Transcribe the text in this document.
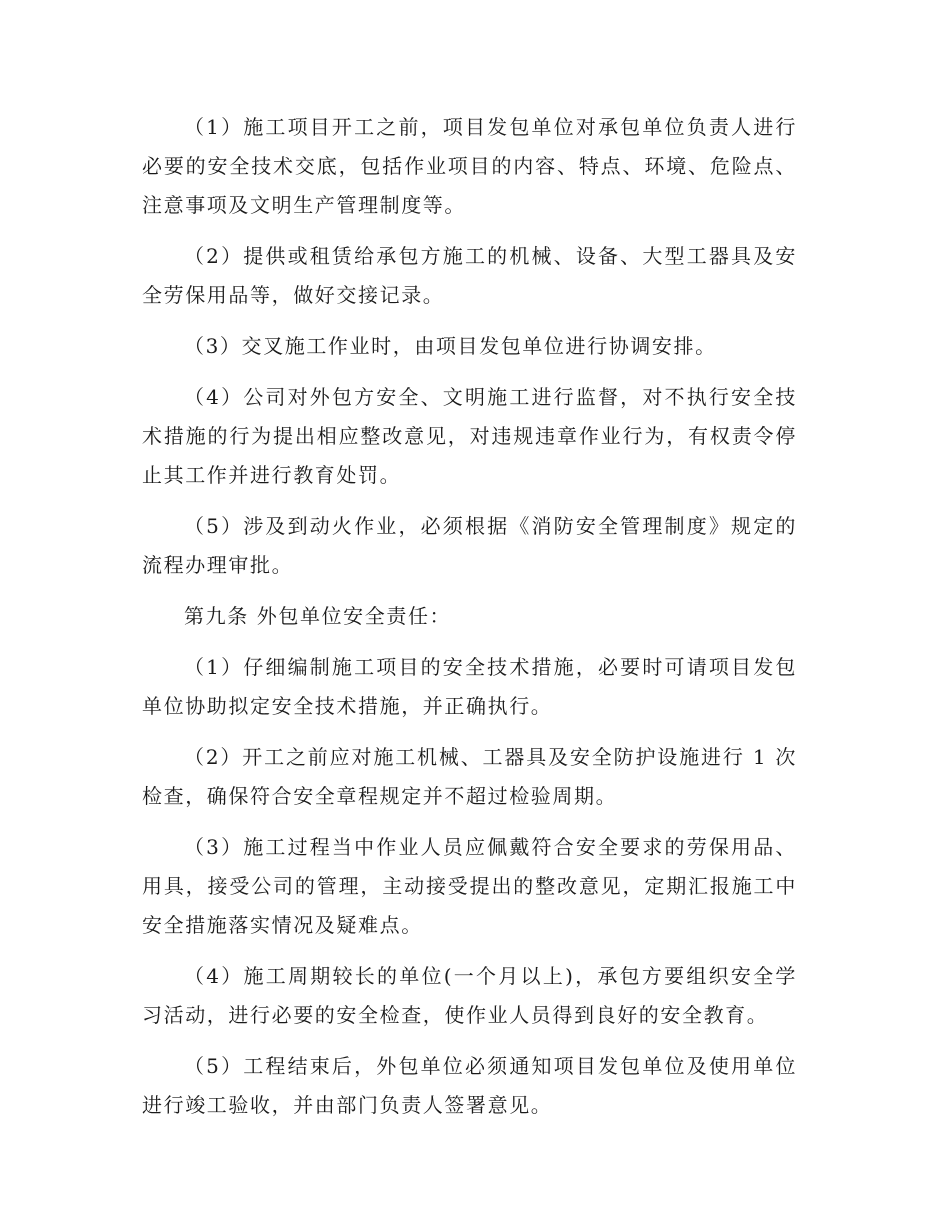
（1）施工项目开工之前，项目发包单位对承包单位负责人进行必要的安全技术交底，包括作业项目的内容、特点、环境、危险点、注意事项及文明生产管理制度等。

（2）提供或租赁给承包方施工的机械、设备、大型工器具及安全劳保用品等，做好交接记录。

（3）交叉施工作业时，由项目发包单位进行协调安排。

（4）公司对外包方安全、文明施工进行监督，对不执行安全技术措施的行为提出相应整改意见，对违规违章作业行为，有权责令停止其工作并进行教育处罚。

（5）涉及到动火作业，必须根据《消防安全管理制度》规定的流程办理审批。

第九条 外包单位安全责任：

（1）仔细编制施工项目的安全技术措施，必要时可请项目发包单位协助拟定安全技术措施，并正确执行。

（2）开工之前应对施工机械、工器具及安全防护设施进行 1 次检查，确保符合安全章程规定并不超过检验周期。

（3）施工过程当中作业人员应佩戴符合安全要求的劳保用品、用具，接受公司的管理，主动接受提出的整改意见，定期汇报施工中安全措施落实情况及疑难点。

（4）施工周期较长的单位(一个月以上)，承包方要组织安全学习活动，进行必要的安全检查，使作业人员得到良好的安全教育。

（5）工程结束后，外包单位必须通知项目发包单位及使用单位进行竣工验收，并由部门负责人签署意见。
